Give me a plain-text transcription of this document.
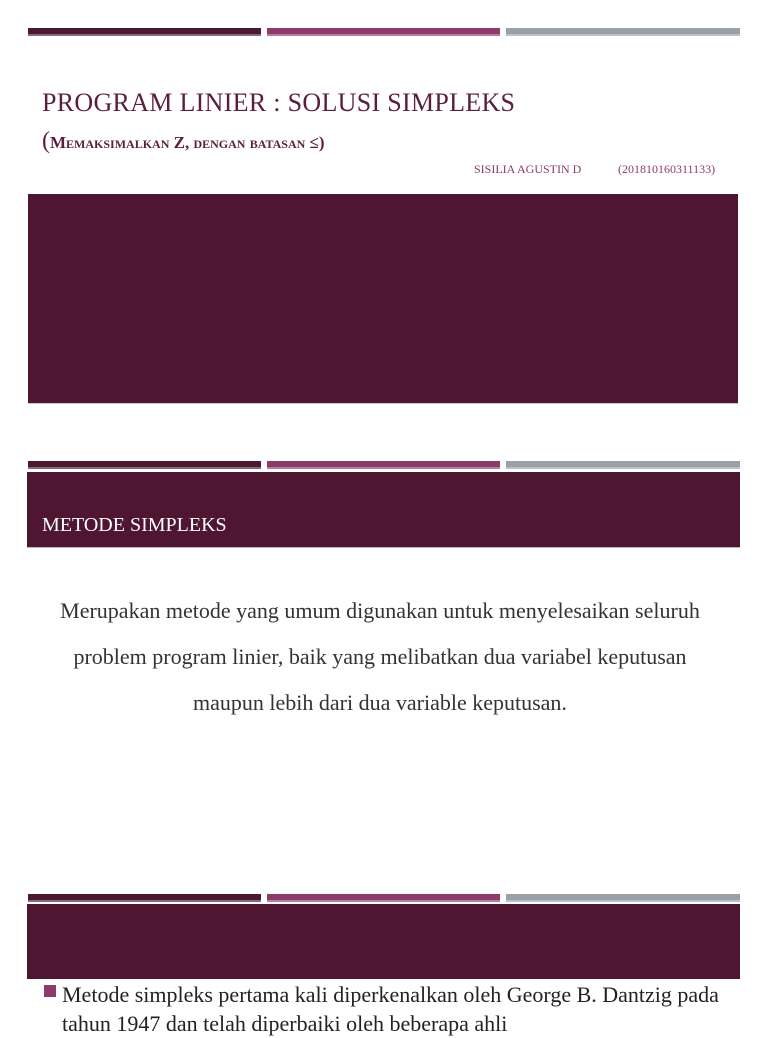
PROGRAM LINIER : SOLUSI SIMPLEKS

(Memaksimalkan Z, dengan batasan ≤)

SISILIA AGUSTIN D	(201810160311133)
METODE SIMPLEKS

Merupakan metode yang umum digunakan untuk menyelesaikan seluruh problem program linier, baik yang melibatkan dua variabel keputusan maupun lebih dari dua variable keputusan.

Metode simpleks pertama kali diperkenalkan oleh George B. Dantzig pada tahun 1947 dan telah diperbaiki oleh beberapa ahli
